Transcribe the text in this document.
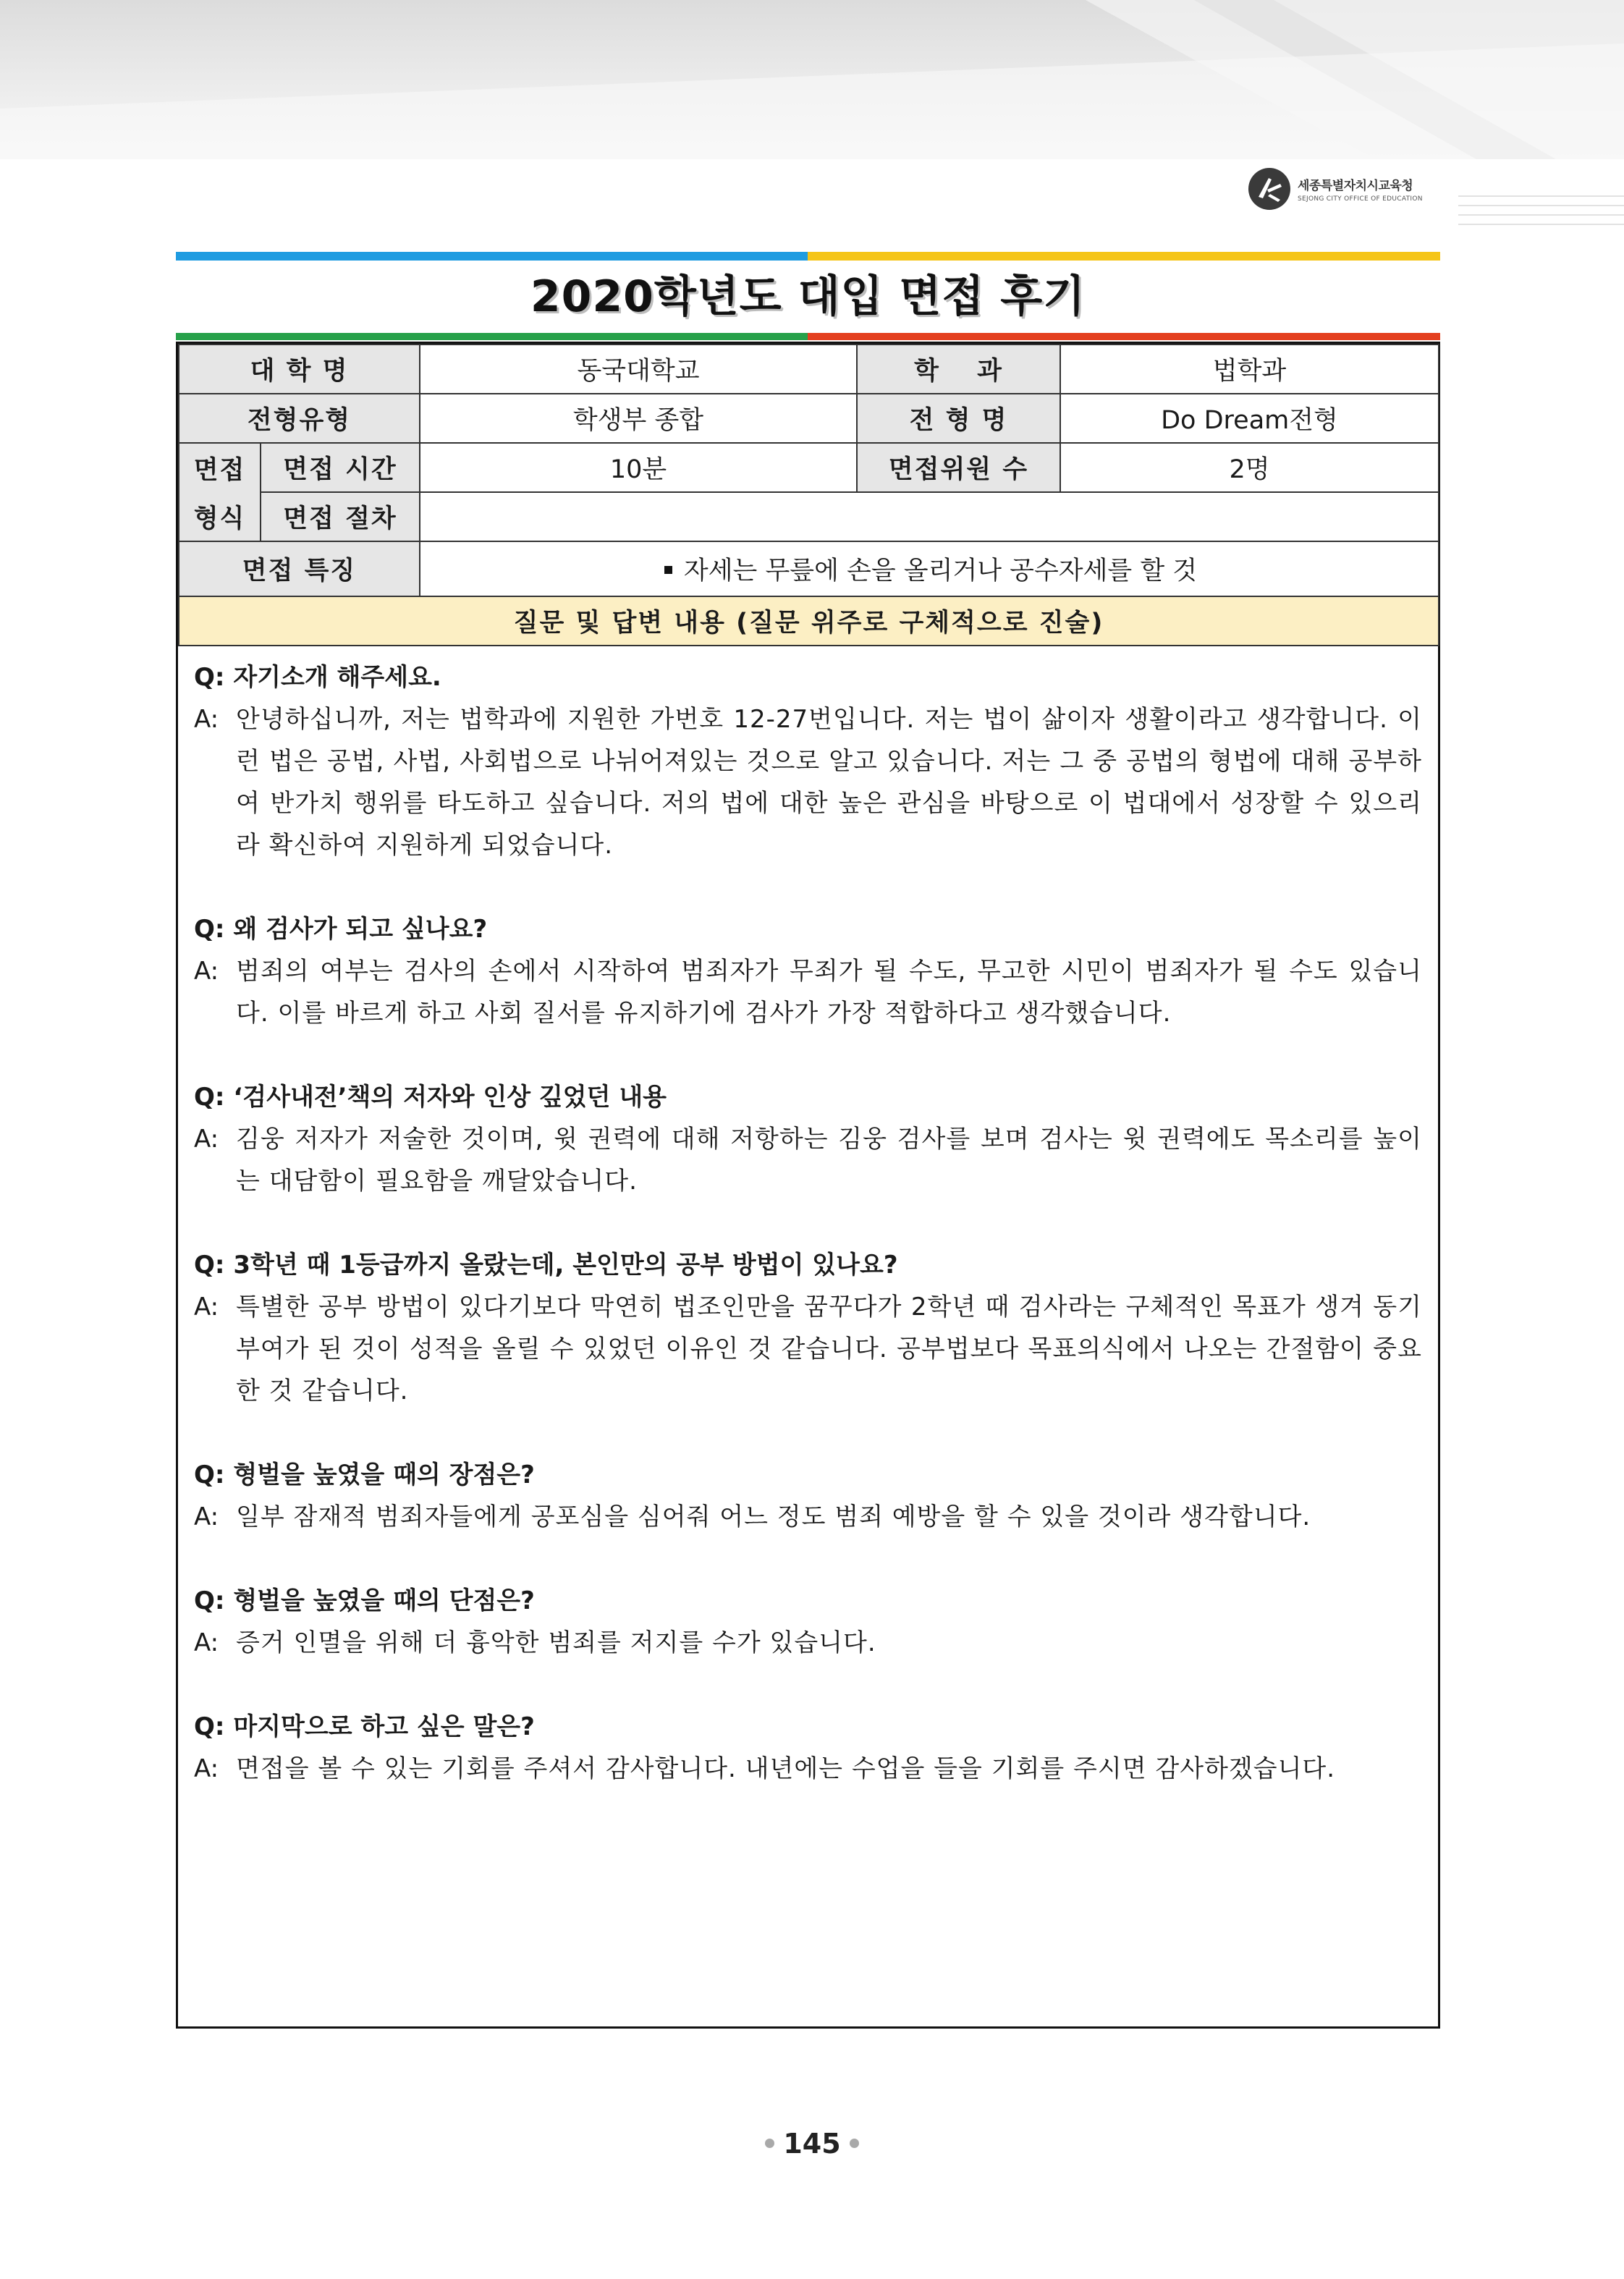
세종특별자치시교육청
SEJONG CITY OFFICE OF EDUCATION
2020학년도 대입 면접 후기
대 학 명		동국대학교	학　 과	법학과
전형유형		학생부 종합	전 형 명	Do Dream전형
면접	면접 시간	10분	면접위원 수	2명
형식	면접 절차			
면접 특징		자세는 무릎에 손을 올리거나 공수자세를 할 것		
질문 및 답변 내용 (질문 위주로 구체적으로 진술)				
Q: 자기소개 해주세요.
A: 안녕하십니까, 저는 법학과에 지원한 가번호 12-27번입니다. 저는 법이 삶이자 생활이라고 생각합니다. 이런 법은 공법, 사법, 사회법으로 나뉘어져있는 것으로 알고 있습니다. 저는 그 중 공법의 형법에 대해 공부하여 반가치 행위를 타도하고 싶습니다. 저의 법에 대한 높은 관심을 바탕으로 이 법대에서 성장할 수 있으리라 확신하여 지원하게 되었습니다.
Q: 왜 검사가 되고 싶나요?
A: 범죄의 여부는 검사의 손에서 시작하여 범죄자가 무죄가 될 수도, 무고한 시민이 범죄자가 될 수도 있습니다. 이를 바르게 하고 사회 질서를 유지하기에 검사가 가장 적합하다고 생각했습니다.
Q: ‘검사내전’책의 저자와 인상 깊었던 내용
A: 김웅 저자가 저술한 것이며, 윗 권력에 대해 저항하는 김웅 검사를 보며 검사는 윗 권력에도 목소리를 높이는 대담함이 필요함을 깨달았습니다.
Q: 3학년 때 1등급까지 올랐는데, 본인만의 공부 방법이 있나요?
A: 특별한 공부 방법이 있다기보다 막연히 법조인만을 꿈꾸다가 2학년 때 검사라는 구체적인 목표가 생겨 동기부여가 된 것이 성적을 올릴 수 있었던 이유인 것 같습니다. 공부법보다 목표의식에서 나오는 간절함이 중요한 것 같습니다.
Q: 형벌을 높였을 때의 장점은?
A: 일부 잠재적 범죄자들에게 공포심을 심어줘 어느 정도 범죄 예방을 할 수 있을 것이라 생각합니다.
Q: 형벌을 높였을 때의 단점은?
A: 증거 인멸을 위해 더 흉악한 범죄를 저지를 수가 있습니다.
Q: 마지막으로 하고 싶은 말은?
A: 면접을 볼 수 있는 기회를 주셔서 감사합니다. 내년에는 수업을 들을 기회를 주시면 감사하겠습니다.
145
